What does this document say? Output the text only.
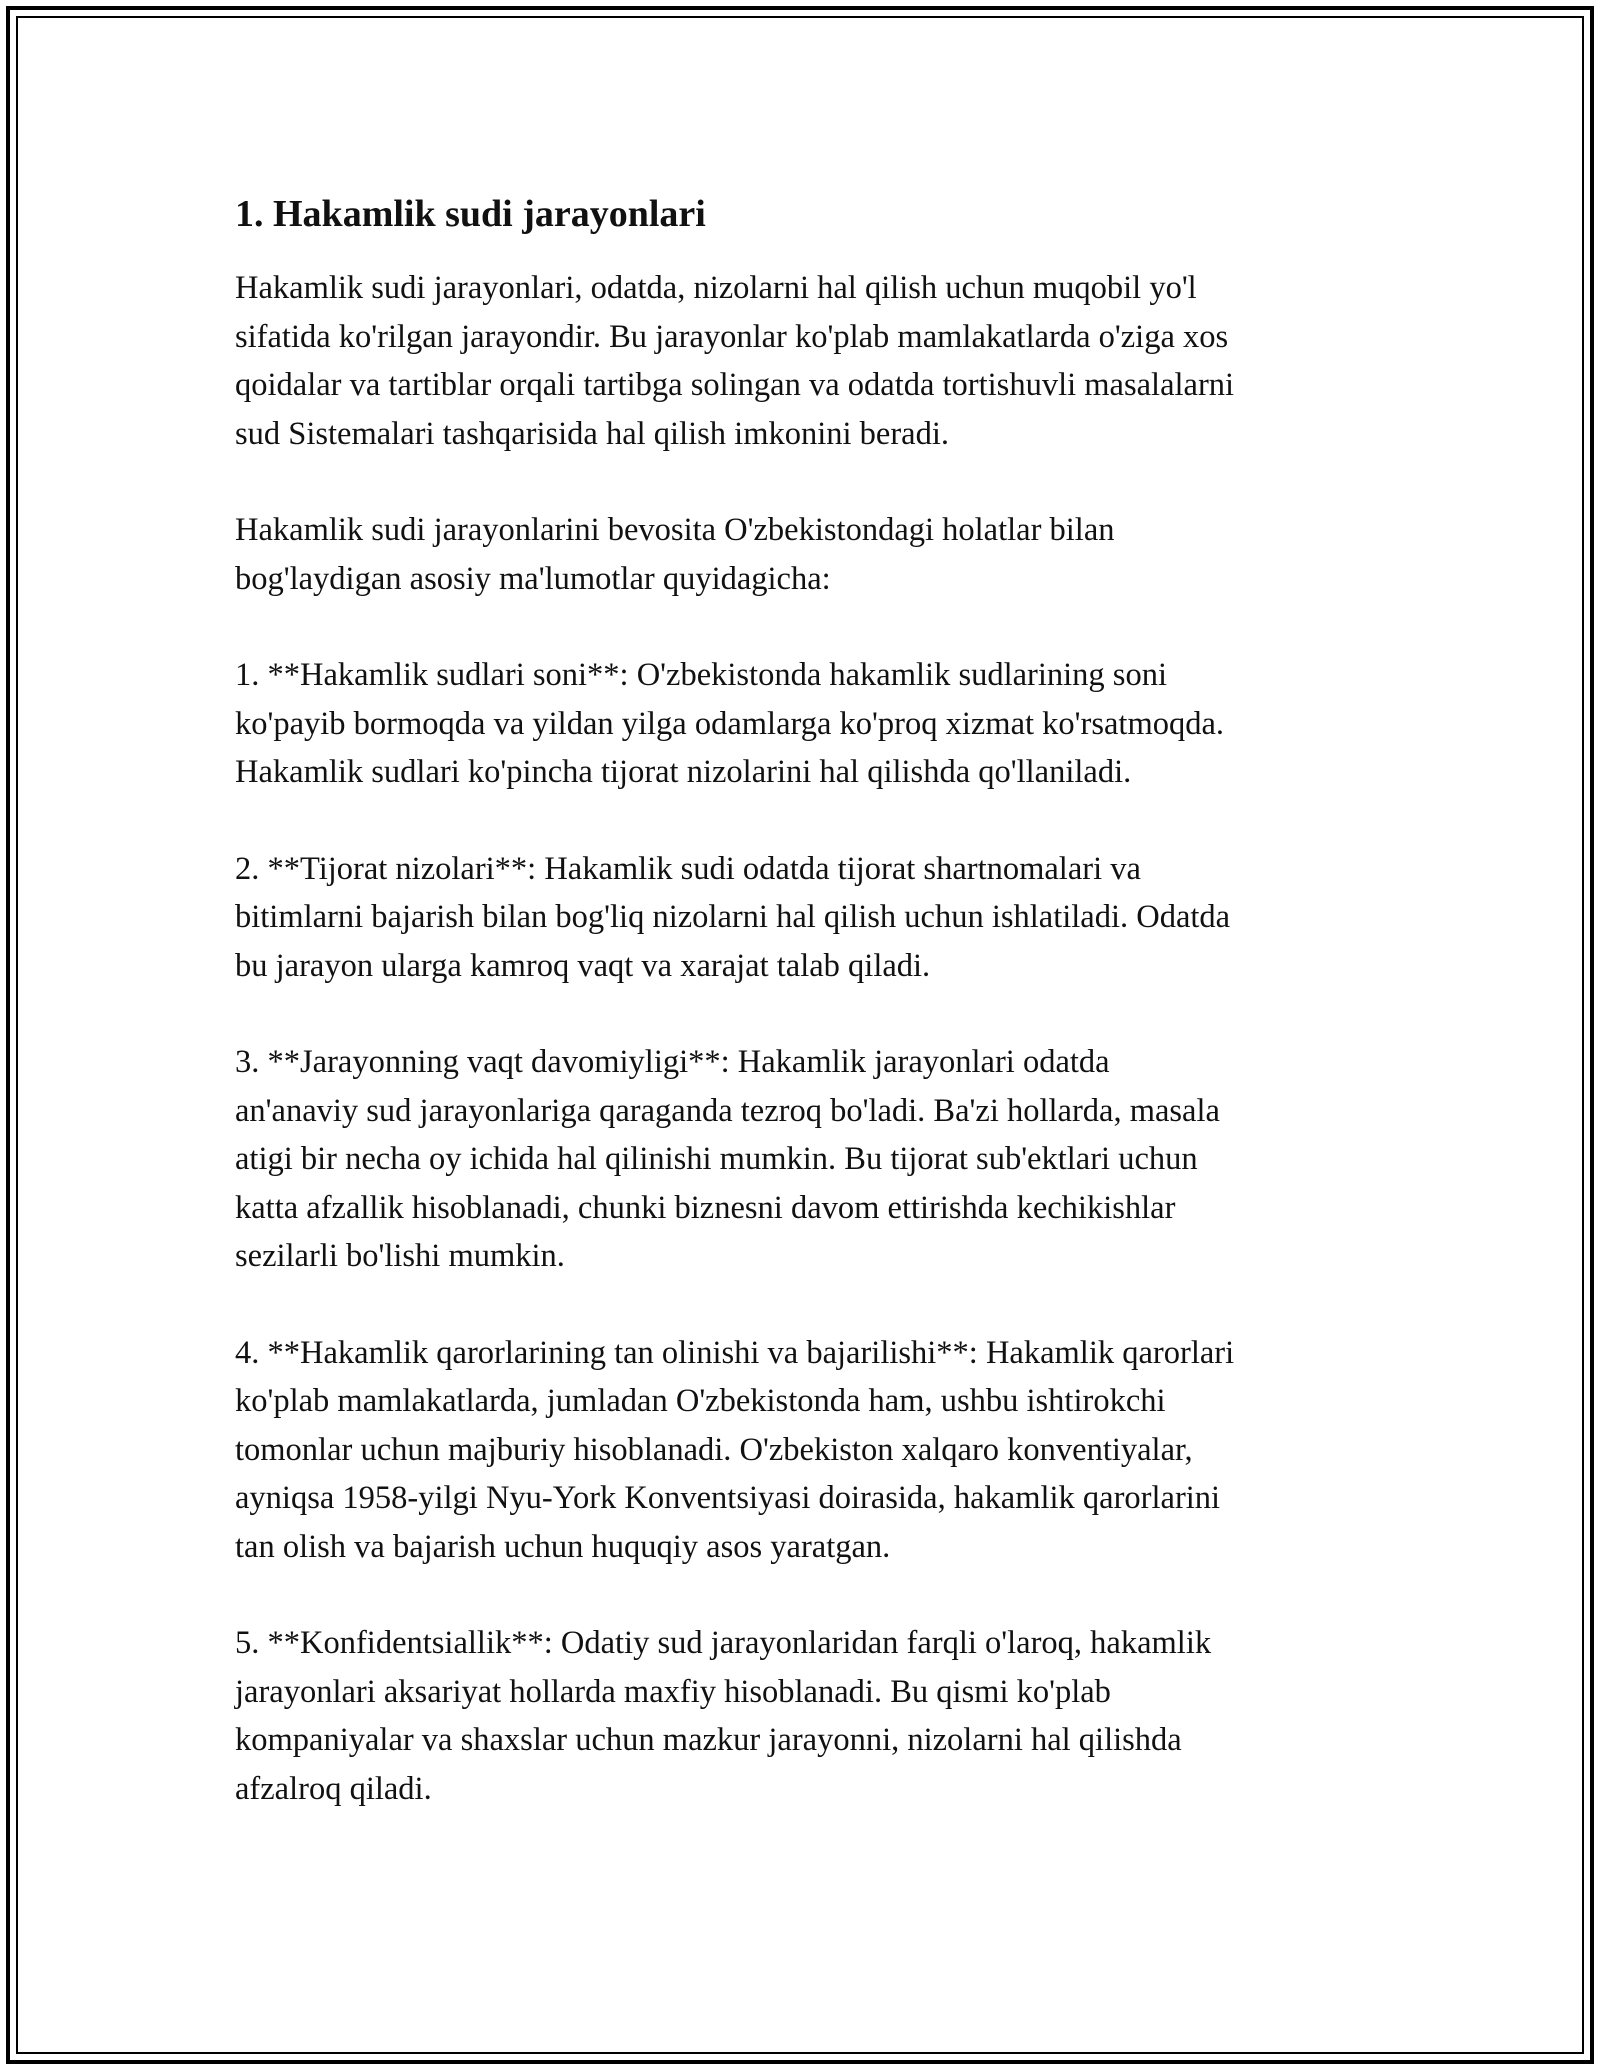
1. Hakamlik sudi jarayonlari

Hakamlik sudi jarayonlari, odatda, nizolarni hal qilish uchun muqobil yo'l
sifatida ko'rilgan jarayondir. Bu jarayonlar ko'plab mamlakatlarda o'ziga xos
qoidalar va tartiblar orqali tartibga solingan va odatda tortishuvli masalalarni
sud Sistemalari tashqarisida hal qilish imkonini beradi.

Hakamlik sudi jarayonlarini bevosita O'zbekistondagi holatlar bilan
bog'laydigan asosiy ma'lumotlar quyidagicha:

1. **Hakamlik sudlari soni**: O'zbekistonda hakamlik sudlarining soni
ko'payib bormoqda va yildan yilga odamlarga ko'proq xizmat ko'rsatmoqda.
Hakamlik sudlari ko'pincha tijorat nizolarini hal qilishda qo'llaniladi.

2. **Tijorat nizolari**: Hakamlik sudi odatda tijorat shartnomalari va
bitimlarni bajarish bilan bog'liq nizolarni hal qilish uchun ishlatiladi. Odatda
bu jarayon ularga kamroq vaqt va xarajat talab qiladi.

3. **Jarayonning vaqt davomiyligi**: Hakamlik jarayonlari odatda
an'anaviy sud jarayonlariga qaraganda tezroq bo'ladi. Ba'zi hollarda, masala
atigi bir necha oy ichida hal qilinishi mumkin. Bu tijorat sub'ektlari uchun
katta afzallik hisoblanadi, chunki biznesni davom ettirishda kechikishlar
sezilarli bo'lishi mumkin.

4. **Hakamlik qarorlarining tan olinishi va bajarilishi**: Hakamlik qarorlari
ko'plab mamlakatlarda, jumladan O'zbekistonda ham, ushbu ishtirokchi
tomonlar uchun majburiy hisoblanadi. O'zbekiston xalqaro konventiyalar,
ayniqsa 1958-yilgi Nyu-York Konventsiyasi doirasida, hakamlik qarorlarini
tan olish va bajarish uchun huquqiy asos yaratgan.

5. **Konfidentsiallik**: Odatiy sud jarayonlaridan farqli o'laroq, hakamlik
jarayonlari aksariyat hollarda maxfiy hisoblanadi. Bu qismi ko'plab
kompaniyalar va shaxslar uchun mazkur jarayonni, nizolarni hal qilishda
afzalroq qiladi.
